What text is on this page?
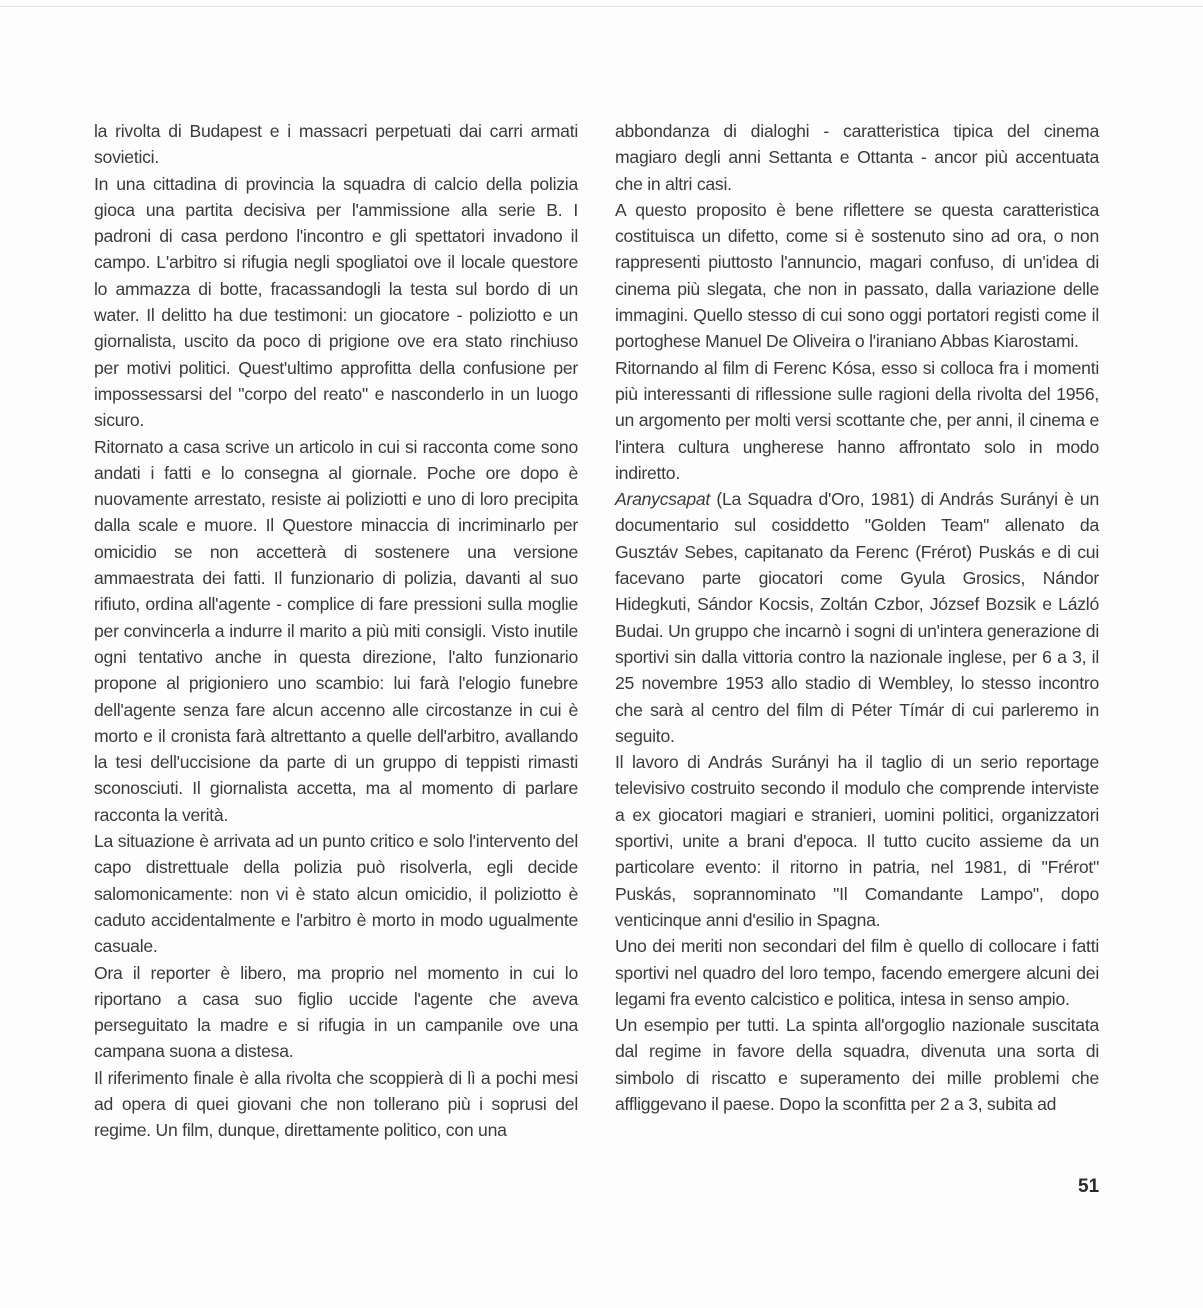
la rivolta di Budapest e i massacri perpetuati dai carri armati sovietici.

In una cittadina di provincia la squadra di calcio della polizia gioca una partita decisiva per l'ammissione alla serie B. I padroni di casa perdono l'incontro e gli spettatori invadono il campo. L'arbitro si rifugia negli spogliatoi ove il locale questore lo ammazza di botte, fracassandogli la testa sul bordo di un water. Il delitto ha due testimoni: un giocatore - poliziotto e un giornalista, uscito da poco di prigione ove era stato rinchiuso per motivi politici. Quest'ultimo approfitta della confusione per impossessarsi del "corpo del reato" e nasconderlo in un luogo sicuro.

Ritornato a casa scrive un articolo in cui si racconta come sono andati i fatti e lo consegna al giornale. Poche ore dopo è nuovamente arrestato, resiste ai poliziotti e uno di loro precipita dalla scale e muore. Il Questore minaccia di incriminarlo per omicidio se non accetterà di sostenere una versione ammaestrata dei fatti. Il funzionario di polizia, davanti al suo rifiuto, ordina all'agente - complice di fare pressioni sulla moglie per convincerla a indurre il marito a più miti consigli. Visto inutile ogni tentativo anche in questa direzione, l'alto funzionario propone al prigioniero uno scambio: lui farà l'elogio funebre dell'agente senza fare alcun accenno alle circostanze in cui è morto e il cronista farà altrettanto a quelle dell'arbitro, avallando la tesi dell'uccisione da parte di un gruppo di teppisti rimasti sconosciuti. Il giornalista accetta, ma al momento di parlare racconta la verità.

La situazione è arrivata ad un punto critico e solo l'intervento del capo distrettuale della polizia può risolverla, egli decide salomonicamente: non vi è stato alcun omicidio, il poliziotto è caduto accidentalmente e l'arbitro è morto in modo ugualmente casuale.

Ora il reporter è libero, ma proprio nel momento in cui lo riportano a casa suo figlio uccide l'agente che aveva perseguitato la madre e si rifugia in un campanile ove una campana suona a distesa.

Il riferimento finale è alla rivolta che scoppierà di lì a pochi mesi ad opera di quei giovani che non tollerano più i soprusi del regime. Un film, dunque, direttamente politico, con una

abbondanza di dialoghi - caratteristica tipica del cinema magiaro degli anni Settanta e Ottanta - ancor più accentuata che in altri casi.

A questo proposito è bene riflettere se questa caratteristica costituisca un difetto, come si è sostenuto sino ad ora, o non rappresenti piuttosto l'annuncio, magari confuso, di un'idea di cinema più slegata, che non in passato, dalla variazione delle immagini. Quello stesso di cui sono oggi portatori registi come il portoghese Manuel De Oliveira o l'iraniano Abbas Kiarostami.

Ritornando al film di Ferenc Kósa, esso si colloca fra i momenti più interessanti di riflessione sulle ragioni della rivolta del 1956, un argomento per molti versi scottante che, per anni, il cinema e l'intera cultura ungherese hanno affrontato solo in modo indiretto.

Aranycsapat (La Squadra d'Oro, 1981) di András Surányi è un documentario sul cosiddetto "Golden Team" allenato da Gusztáv Sebes, capitanato da Ferenc (Frérot) Puskás e di cui facevano parte giocatori come Gyula Grosics, Nándor Hidegkuti, Sándor Kocsis, Zoltán Czbor, József Bozsik e Lázló Budai. Un gruppo che incarnò i sogni di un'intera generazione di sportivi sin dalla vittoria contro la nazionale inglese, per 6 a 3, il 25 novembre 1953 allo stadio di Wembley, lo stesso incontro che sarà al centro del film di Péter Tímár di cui parleremo in seguito.

Il lavoro di András Surányi ha il taglio di un serio reportage televisivo costruito secondo il modulo che comprende interviste a ex giocatori magiari e stranieri, uomini politici, organizzatori sportivi, unite a brani d'epoca. Il tutto cucito assieme da un particolare evento: il ritorno in patria, nel 1981, di "Frérot" Puskás, soprannominato "Il Comandante Lampo", dopo venticinque anni d'esilio in Spagna.

Uno dei meriti non secondari del film è quello di collocare i fatti sportivi nel quadro del loro tempo, facendo emergere alcuni dei legami fra evento calcistico e politica, intesa in senso ampio.

Un esempio per tutti. La spinta all'orgoglio nazionale suscitata dal regime in favore della squadra, divenuta una sorta di simbolo di riscatto e superamento dei mille problemi che affliggevano il paese. Dopo la sconfitta per 2 a 3, subita ad

51
